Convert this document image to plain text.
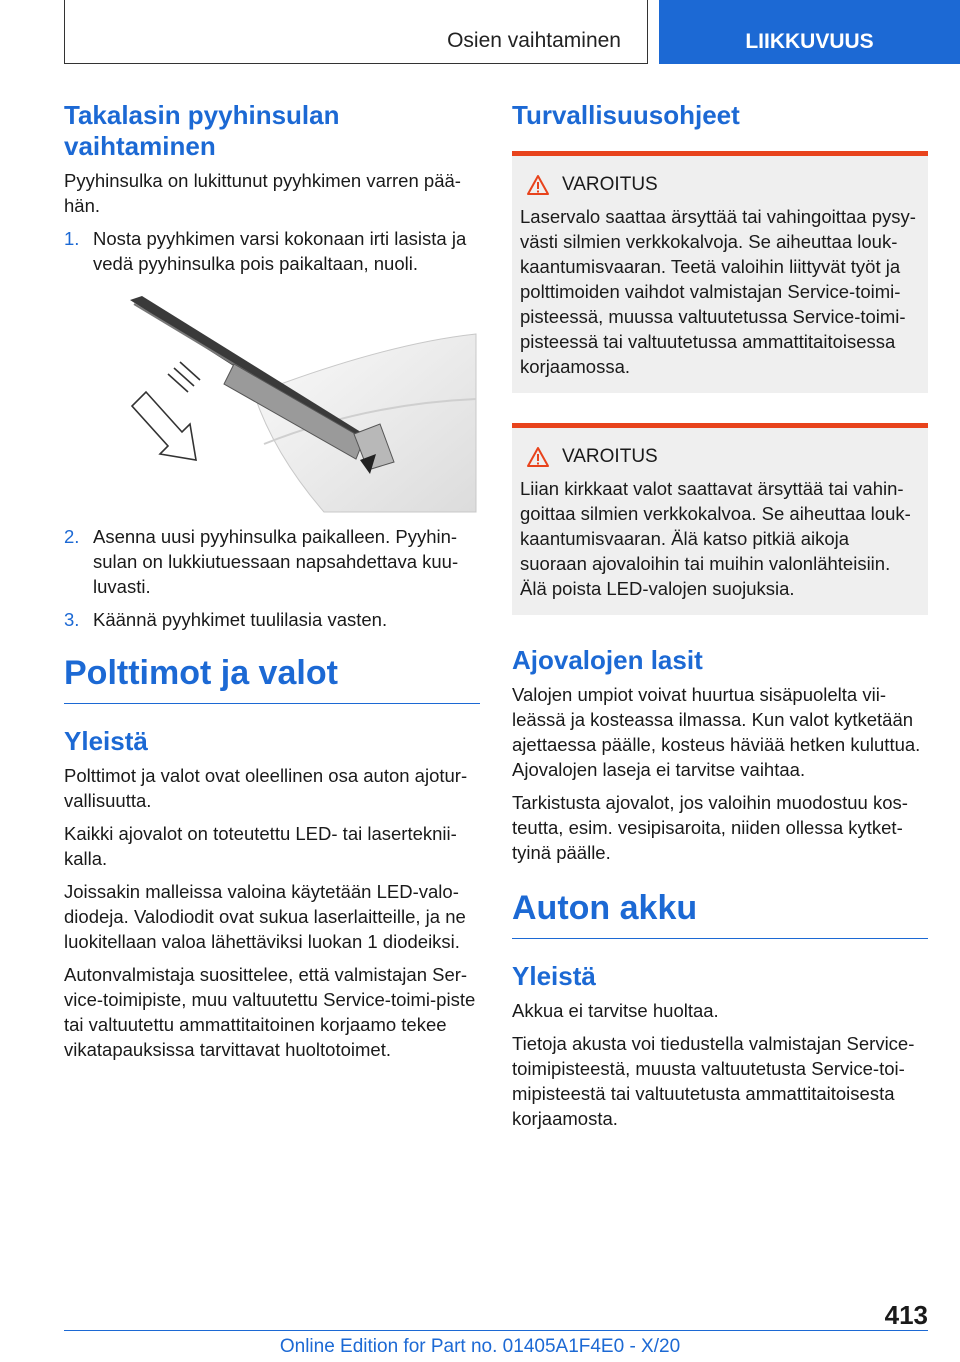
Osien vaihtaminen	LIIKKUVUUS
Takalasin pyyhinsulan vaihtaminen

Pyyhinsulka on lukittunut pyyhkimen varren pää-hän.

1. Nosta pyyhkimen varsi kokonaan irti lasista ja vedä pyyhinsulka pois paikaltaan, nuoli.
2. Asenna uusi pyyhinsulka paikalleen. Pyyhin-sulan on lukkiutuessaan napsahdettava kuu-luvasti.
3. Käännä pyyhkimet tuulilasia vasten.
Polttimot ja valot
Yleistä

Polttimot ja valot ovat oleellinen osa auton ajotur-vallisuutta.

Kaikki ajovalot on toteutettu LED- tai laserteknii-kalla.

Joissakin malleissa valoina käytetään LED-valo-diodeja. Valodiodit ovat sukua laserlaitteille, ja ne luokitellaan valoa lähettäviksi luokan 1 diodeiksi.

Autonvalmistaja suosittelee, että valmistajan Ser-vice-toimipiste, muu valtuutettu Service-toimi-piste tai valtuutettu ammattitaitoinen korjaamo tekee vikatapauksissa tarvittavat huoltotoimet.

Turvallisuusohjeet
VAROITUS

Laservalo saattaa ärsyttää tai vahingoittaa pysy-västi silmien verkkokalvoja. Se aiheuttaa louk-kaantumisvaaran. Teetä valoihin liittyvät työt ja polttimoiden vaihdot valmistajan Service-toimi-pisteessä, muussa valtuutetussa Service-toimi-pisteessä tai valtuutetussa ammattitaitoisessa korjaamossa.

VAROITUS

Liian kirkkaat valot saattavat ärsyttää tai vahin-goittaa silmien verkkokalvoa. Se aiheuttaa louk-kaantumisvaaran. Älä katso pitkiä aikoja suoraan ajovaloihin tai muihin valonlähteisiin. Älä poista LED-valojen suojuksia.

Ajovalojen lasit

Valojen umpiot voivat huurtua sisäpuolelta vii-leässä ja kosteassa ilmassa. Kun valot kytketään ajettaessa päälle, kosteus häviää hetken kuluttua. Ajovalojen laseja ei tarvitse vaihtaa.

Tarkistusta ajovalot, jos valoihin muodostuu kos-teutta, esim. vesipisaroita, niiden ollessa kytket-tyinä päälle.

Auton akku
Yleistä

Akkua ei tarvitse huoltaa.

Tietoja akusta voi tiedustella valmistajan Service-toimipisteestä, muusta valtuutetusta Service-toi-mipisteestä tai valtuutetusta ammattitaitoisesta korjaamosta.

413
Online Edition for Part no. 01405A1F4E0 - X/20
